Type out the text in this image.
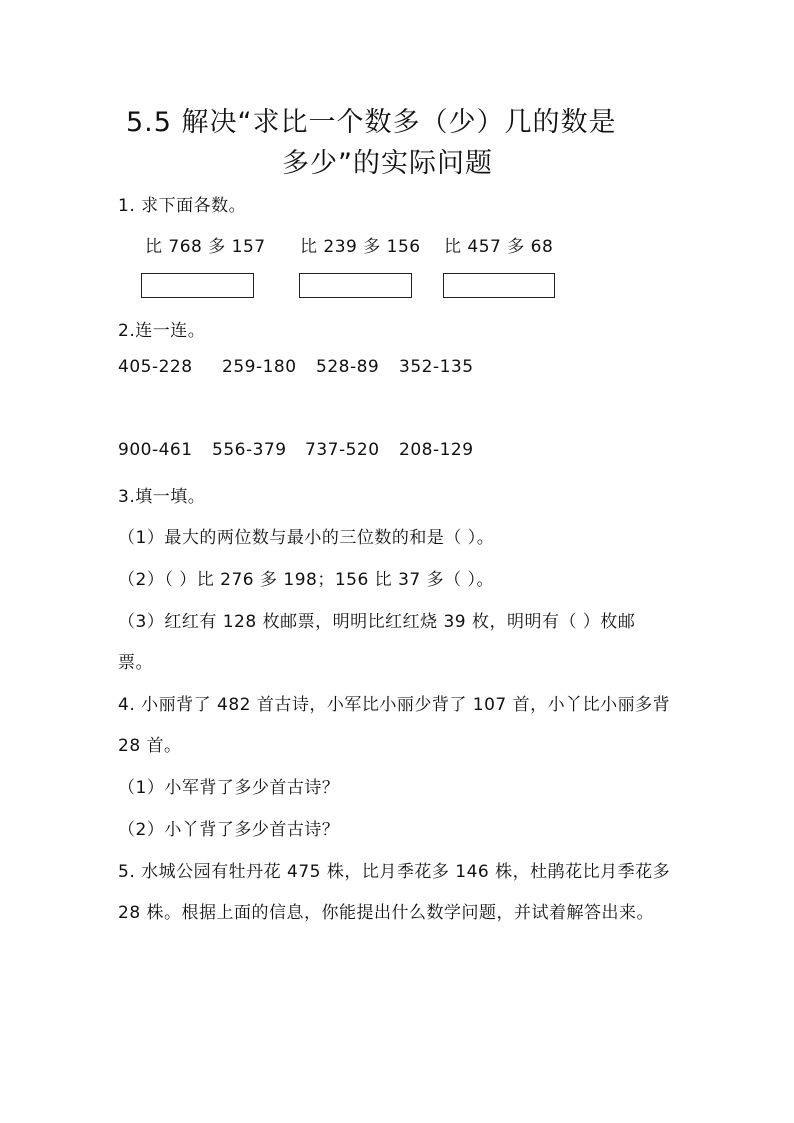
5.5 解决“求比一个数多（少）几的数是
多少”的实际问题
1. 求下面各数。
比 768 多 157 比 239 多 156 比 457 多 68
2.连一连。
405-228 259-180 528-89 352-135
900-461 556-379 737-520 208-129
3.填一填。
（1）最大的两位数与最小的三位数的和是（ ）。
（2）（ ）比 276 多 198；156 比 37 多（ ）。
（3）红红有 128 枚邮票，明明比红红烧 39 枚，明明有（ ）枚邮
票。
4. 小丽背了 482 首古诗，小军比小丽少背了 107 首，小丫比小丽多背
28 首。
（1）小军背了多少首古诗？
（2）小丫背了多少首古诗？
5. 水城公园有牡丹花 475 株，比月季花多 146 株，杜鹃花比月季花多
28 株。根据上面的信息，你能提出什么数学问题，并试着解答出来。
